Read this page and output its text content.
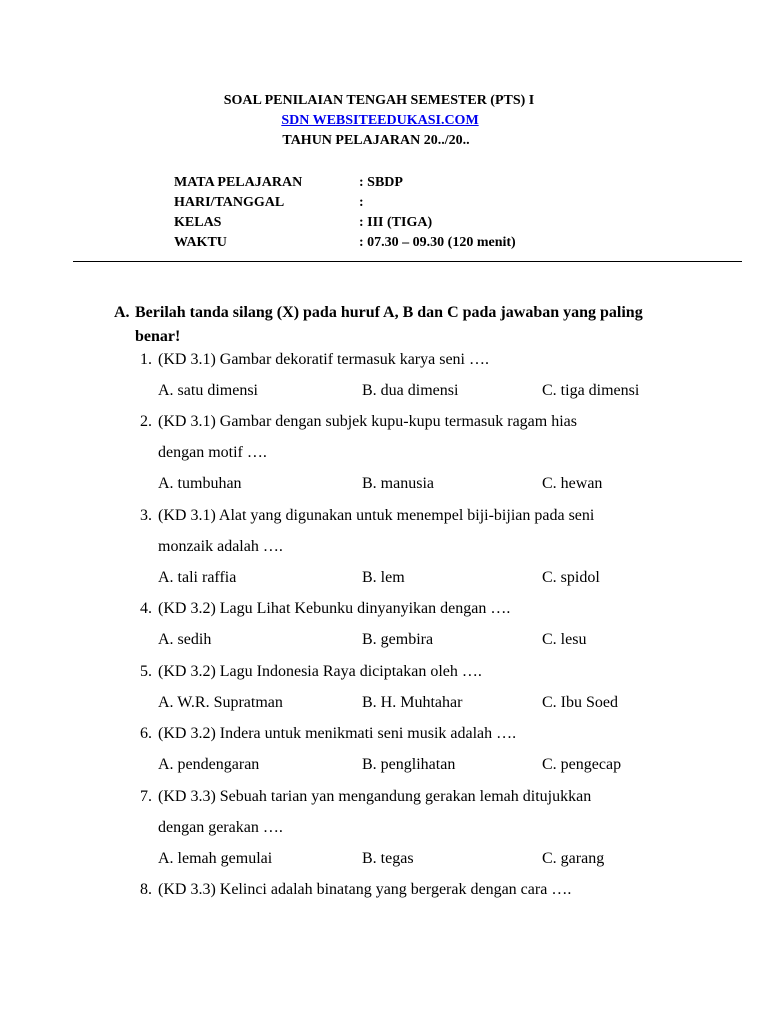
SOAL PENILAIAN TENGAH SEMESTER (PTS) I
SDN WEBSITEEDUKASI.COM
TAHUN PELAJARAN 20../20..
MATA PELAJARAN	: SBDP
HARI/TANGGAL	:
KELAS	: III (TIGA)
WAKTU	: 07.30 – 09.30 (120 menit)
A. Berilah tanda silang (X) pada huruf A, B dan C pada jawaban yang paling benar!
1. (KD 3.1) Gambar dekoratif termasuk karya seni ….
A. satu dimensi	B. dua dimensi	C. tiga dimensi
2. (KD 3.1) Gambar dengan subjek kupu-kupu termasuk ragam hias
dengan motif ….
A. tumbuhan	B. manusia	C. hewan
3. (KD 3.1) Alat yang digunakan untuk menempel biji-bijian pada seni
monzaik adalah ….
A. tali raffia	B. lem	C. spidol
4. (KD 3.2) Lagu Lihat Kebunku dinyanyikan dengan ….
A. sedih	B. gembira	C. lesu
5. (KD 3.2) Lagu Indonesia Raya diciptakan oleh ….
A. W.R. Supratman	B. H. Muhtahar	C. Ibu Soed
6. (KD 3.2) Indera untuk menikmati seni musik adalah ….
A. pendengaran	B. penglihatan	C. pengecap
7. (KD 3.3) Sebuah tarian yan mengandung gerakan lemah ditujukkan
dengan gerakan ….
A. lemah gemulai	B. tegas	C. garang
8. (KD 3.3) Kelinci adalah binatang yang bergerak dengan cara ….
